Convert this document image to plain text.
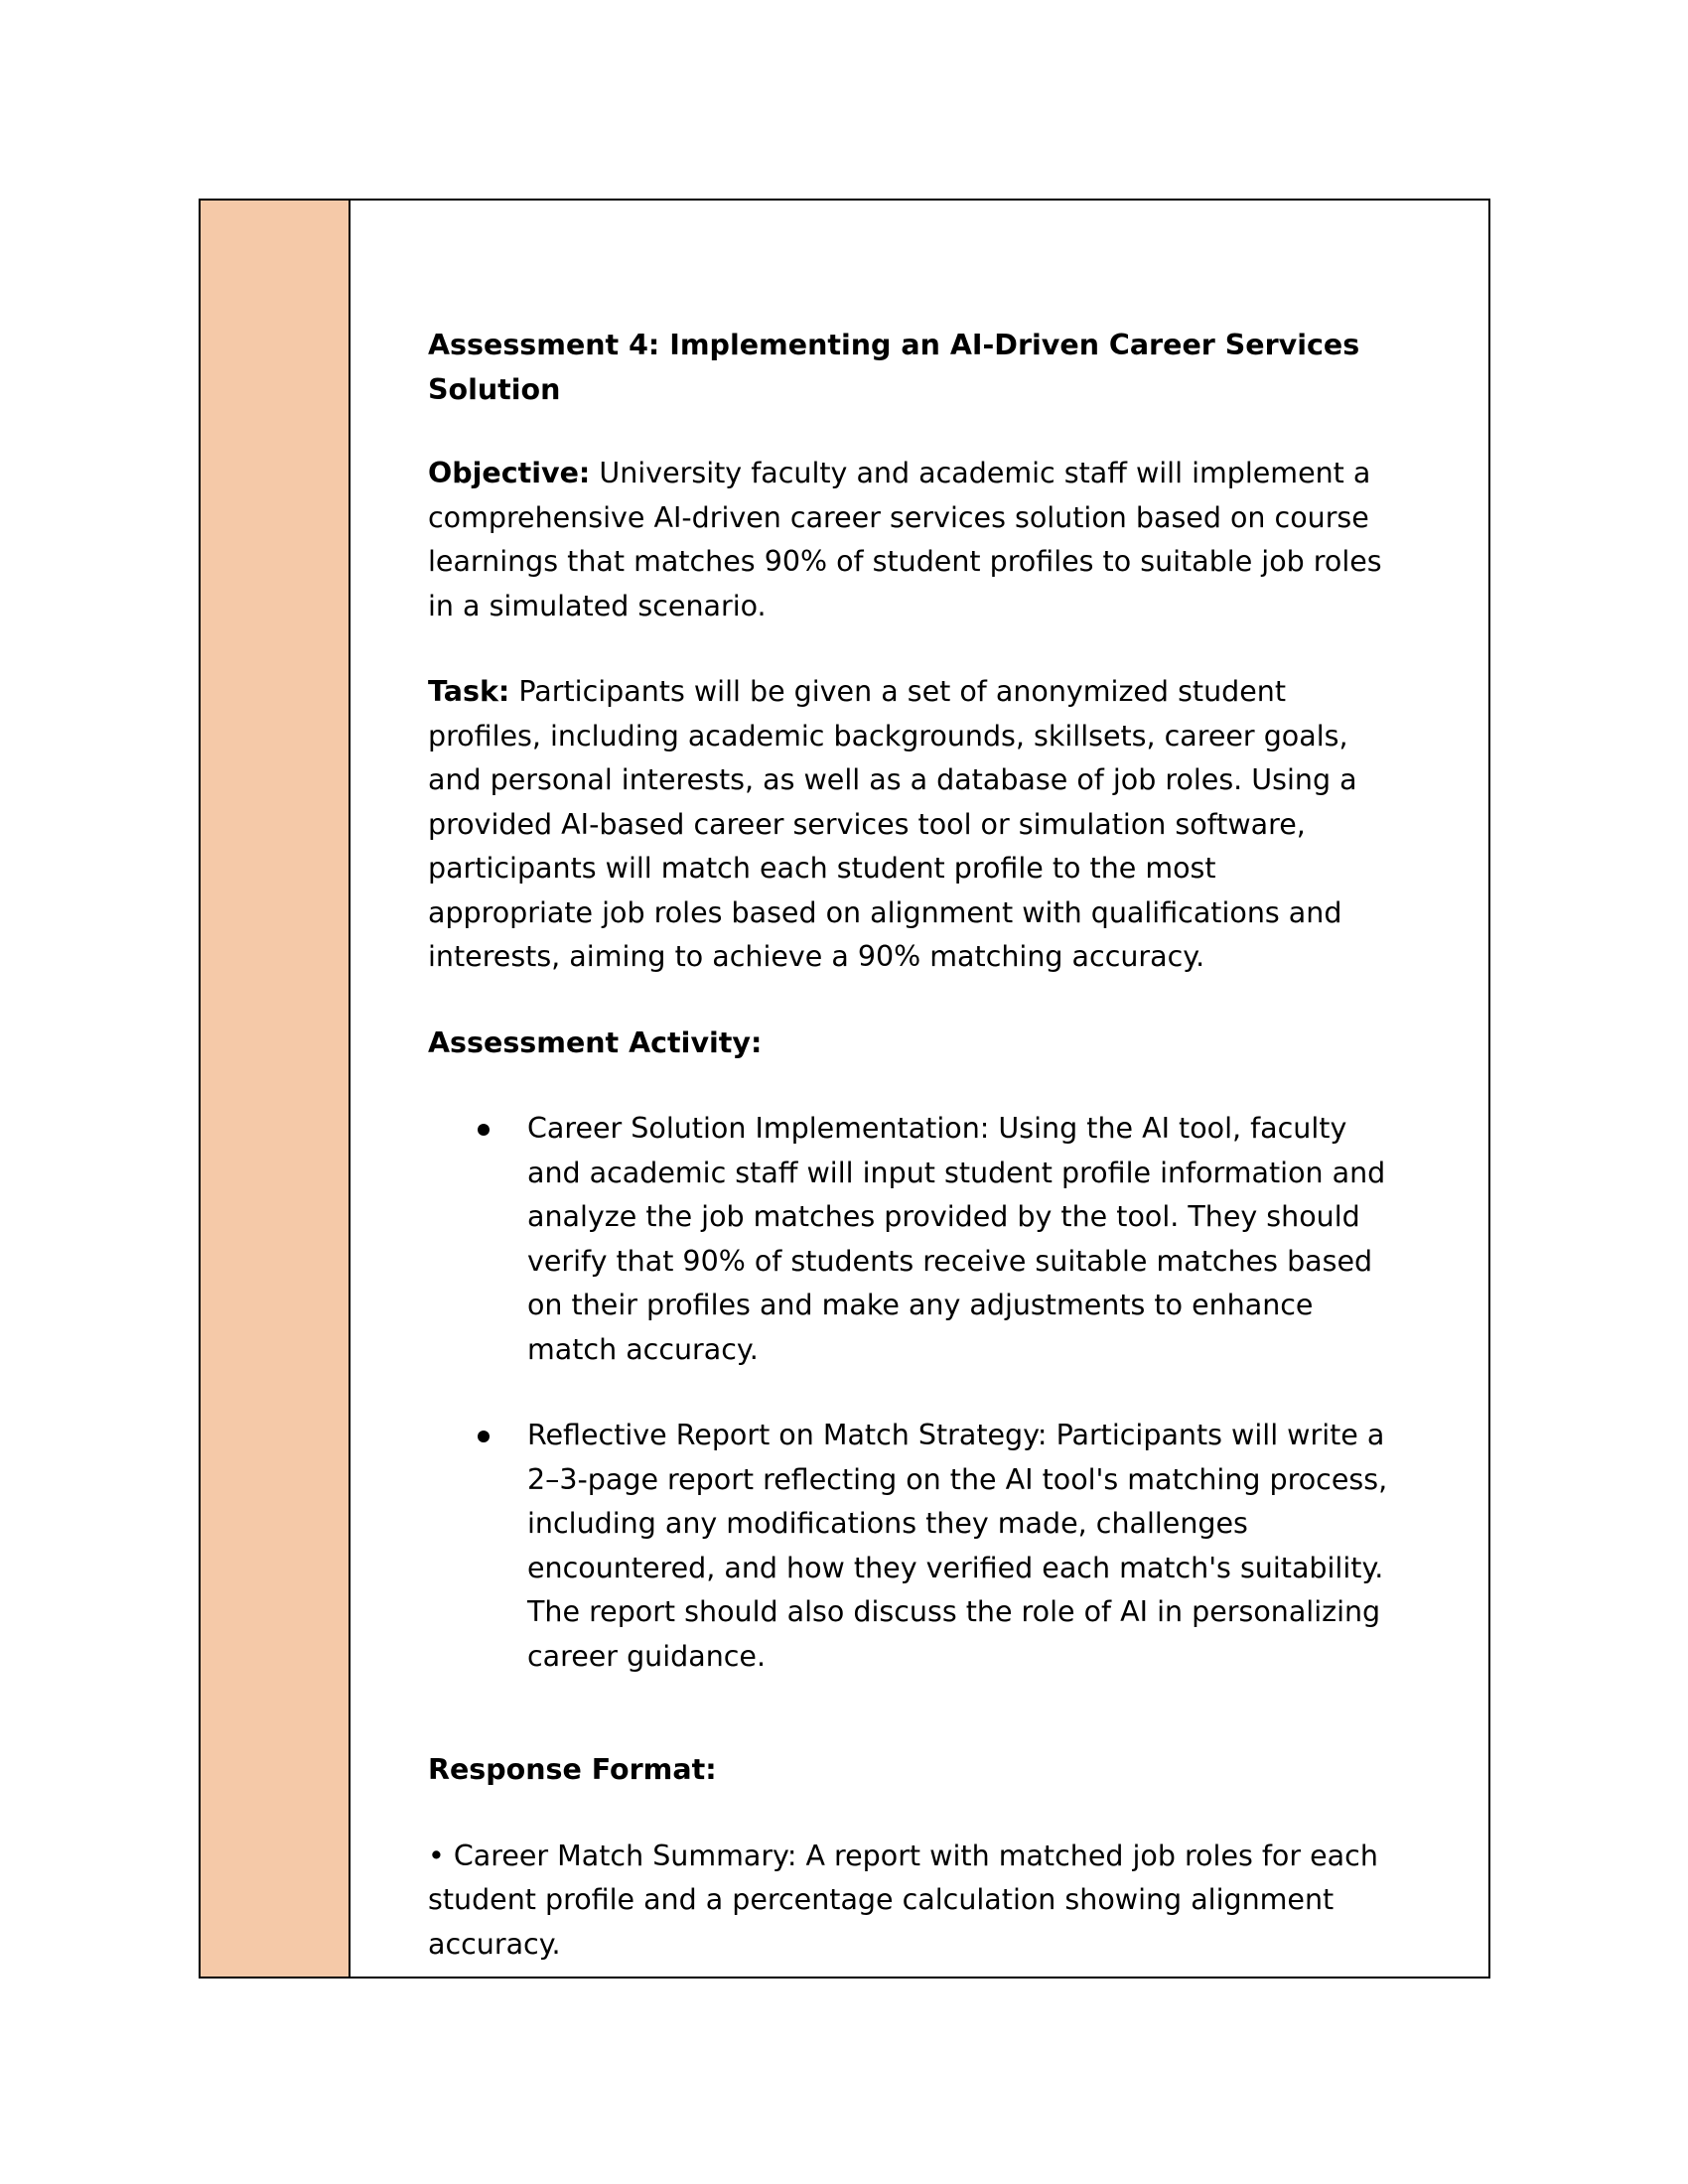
Assessment 4: Implementing an AI-Driven Career Services Solution

Objective: University faculty and academic staff will implement a comprehensive AI-driven career services solution based on course learnings that matches 90% of student profiles to suitable job roles in a simulated scenario.

Task: Participants will be given a set of anonymized student profiles, including academic backgrounds, skillsets, career goals, and personal interests, as well as a database of job roles. Using a provided AI-based career services tool or simulation software, participants will match each student profile to the most appropriate job roles based on alignment with qualifications and interests, aiming to achieve a 90% matching accuracy.

Assessment Activity:

Career Solution Implementation: Using the AI tool, faculty and academic staff will input student profile information and analyze the job matches provided by the tool. They should verify that 90% of students receive suitable matches based on their profiles and make any adjustments to enhance match accuracy.
Reflective Report on Match Strategy: Participants will write a 2–3-page report reflecting on the AI tool's matching process, including any modifications they made, challenges encountered, and how they verified each match's suitability. The report should also discuss the role of AI in personalizing career guidance.

Response Format:

• Career Match Summary: A report with matched job roles for each student profile and a percentage calculation showing alignment accuracy.
